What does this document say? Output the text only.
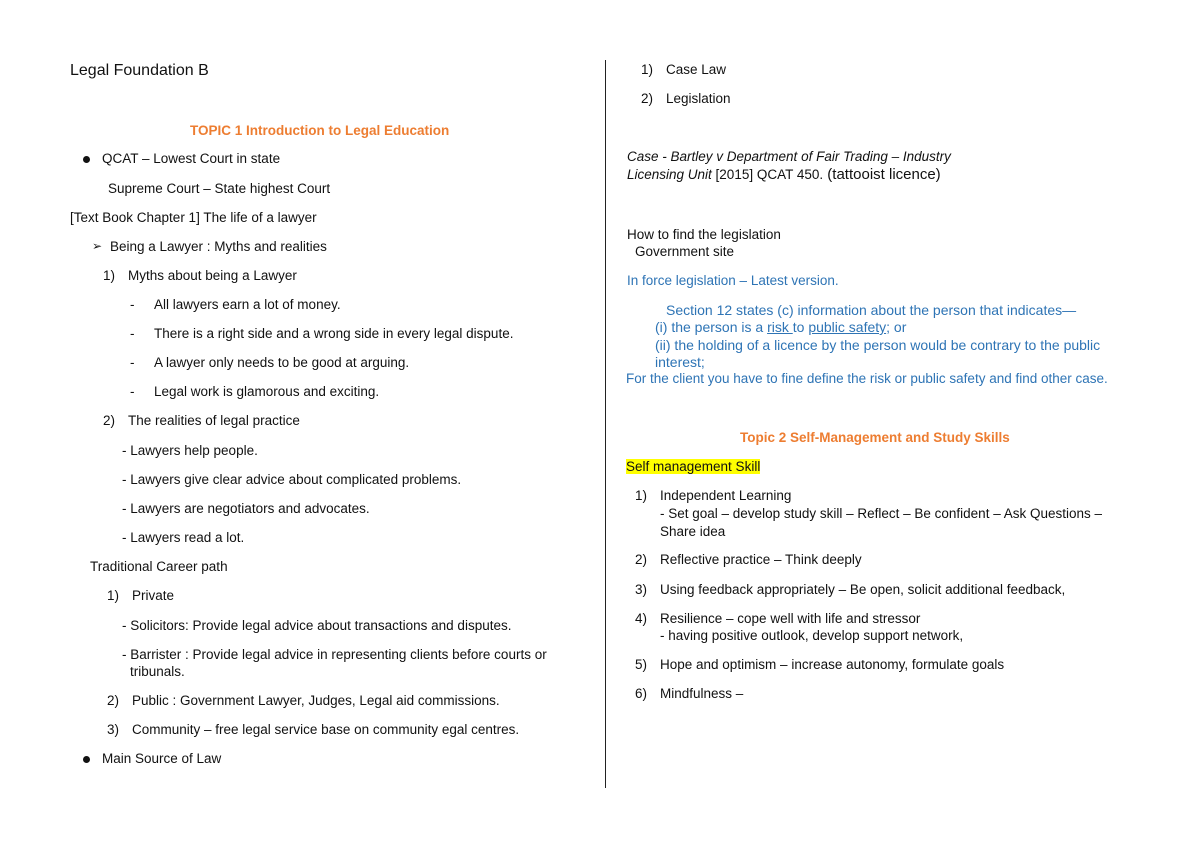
Legal Foundation B
TOPIC 1 Introduction to Legal Education
QCAT – Lowest Court in state
Supreme Court – State highest Court
[Text Book Chapter 1] The life of a lawyer
➢ Being a Lawyer : Myths and realities
1) Myths about being a Lawyer
- All lawyers earn a lot of money.
- There is a right side and a wrong side in every legal dispute.
- A lawyer only needs to be good at arguing.
- Legal work is glamorous and exciting.
2) The realities of legal practice
- Lawyers help people.
- Lawyers give clear advice about complicated problems.
- Lawyers are negotiators and advocates.
- Lawyers read a lot.
Traditional Career path
1) Private
- Solicitors: Provide legal advice about transactions and disputes.
- Barrister : Provide legal advice in representing clients before courts or
tribunals.
2) Public : Government Lawyer, Judges, Legal aid commissions.
3) Community – free legal service base on community egal centres.
Main Source of Law
1) Case Law
2) Legislation
Case - Bartley v Department of Fair Trading – Industry
Licensing Unit [2015] QCAT 450. (tattooist licence)
How to find the legislation
Government site
In force legislation – Latest version.
Section 12 states (c) information about the person that indicates—
(i) the person is a risk to public safety; or
(ii) the holding of a licence by the person would be contrary to the public
interest;
For the client you have to fine define the risk or public safety and find other case.
Topic 2 Self-Management and Study Skills
Self management Skill
1) Independent Learning
- Set goal – develop study skill – Reflect – Be confident – Ask Questions –
Share idea
2) Reflective practice – Think deeply
3) Using feedback appropriately – Be open, solicit additional feedback,
4) Resilience – cope well with life and stressor
- having positive outlook, develop support network,
5) Hope and optimism – increase autonomy, formulate goals
6) Mindfulness –
